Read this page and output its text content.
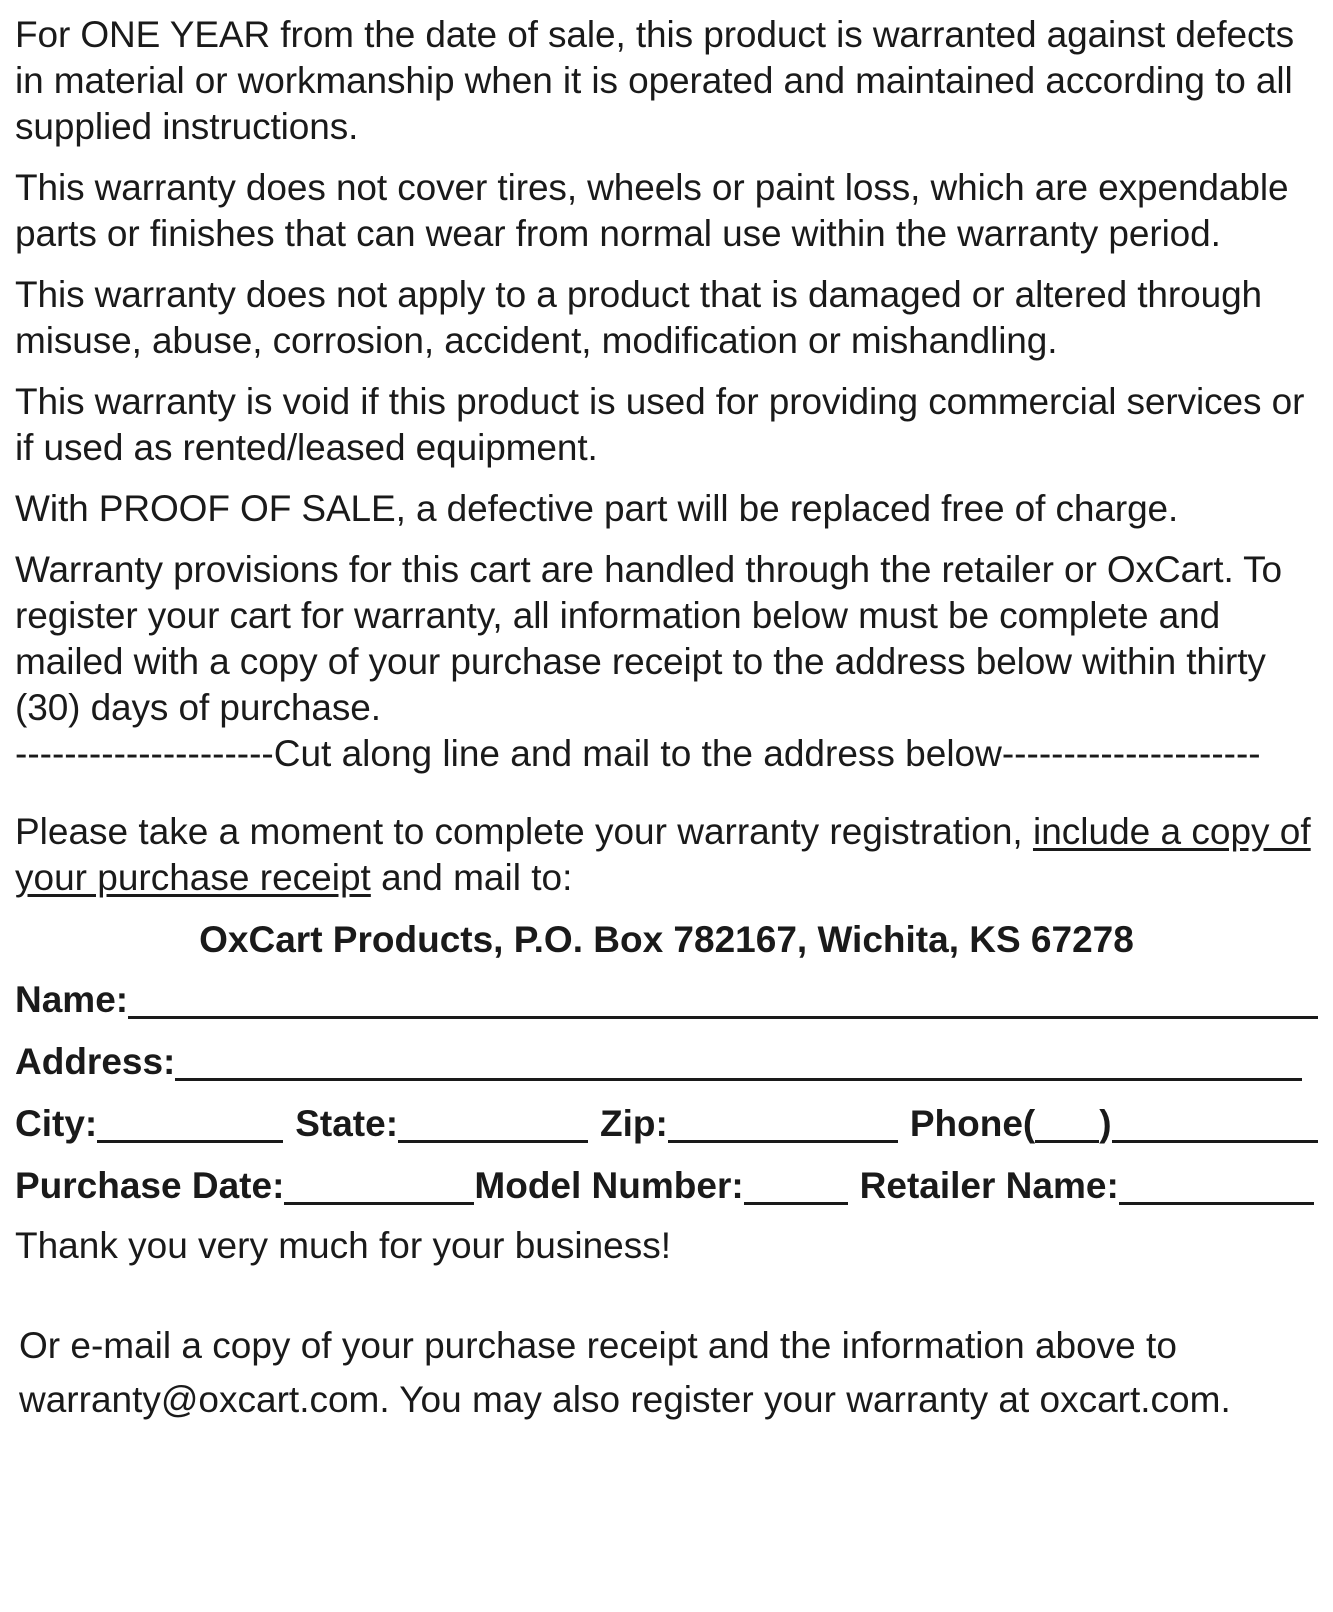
For ONE YEAR from the date of sale, this product is warranted against defects in material or workmanship when it is operated and maintained according to all supplied instructions.

This warranty does not cover tires, wheels or paint loss, which are expendable parts or finishes that can wear from normal use within the warranty period.

This warranty does not apply to a product that is damaged or altered through misuse, abuse, corrosion, accident, modification or mishandling.

This warranty is void if this product is used for providing commercial services or if used as rented/leased equipment.

With PROOF OF SALE, a defective part will be replaced free of charge.

Warranty provisions for this cart are handled through the retailer or OxCart. To register your cart for warranty, all information below must be complete and mailed with a copy of your purchase receipt to the address below within thirty (30) days of purchase.

---------------------Cut along line and mail to the address below---------------------

Please take a moment to complete your warranty registration, include a copy of your purchase receipt and mail to:

OxCart Products, P.O. Box 782167, Wichita, KS 67278
Name:
Address:
City:	State:	Zip:	Phone( )
Purchase Date:	Model Number:	Retailer Name:

Thank you very much for your business!

Or e-mail a copy of your purchase receipt and the information above to warranty@oxcart.com. You may also register your warranty at oxcart.com.
